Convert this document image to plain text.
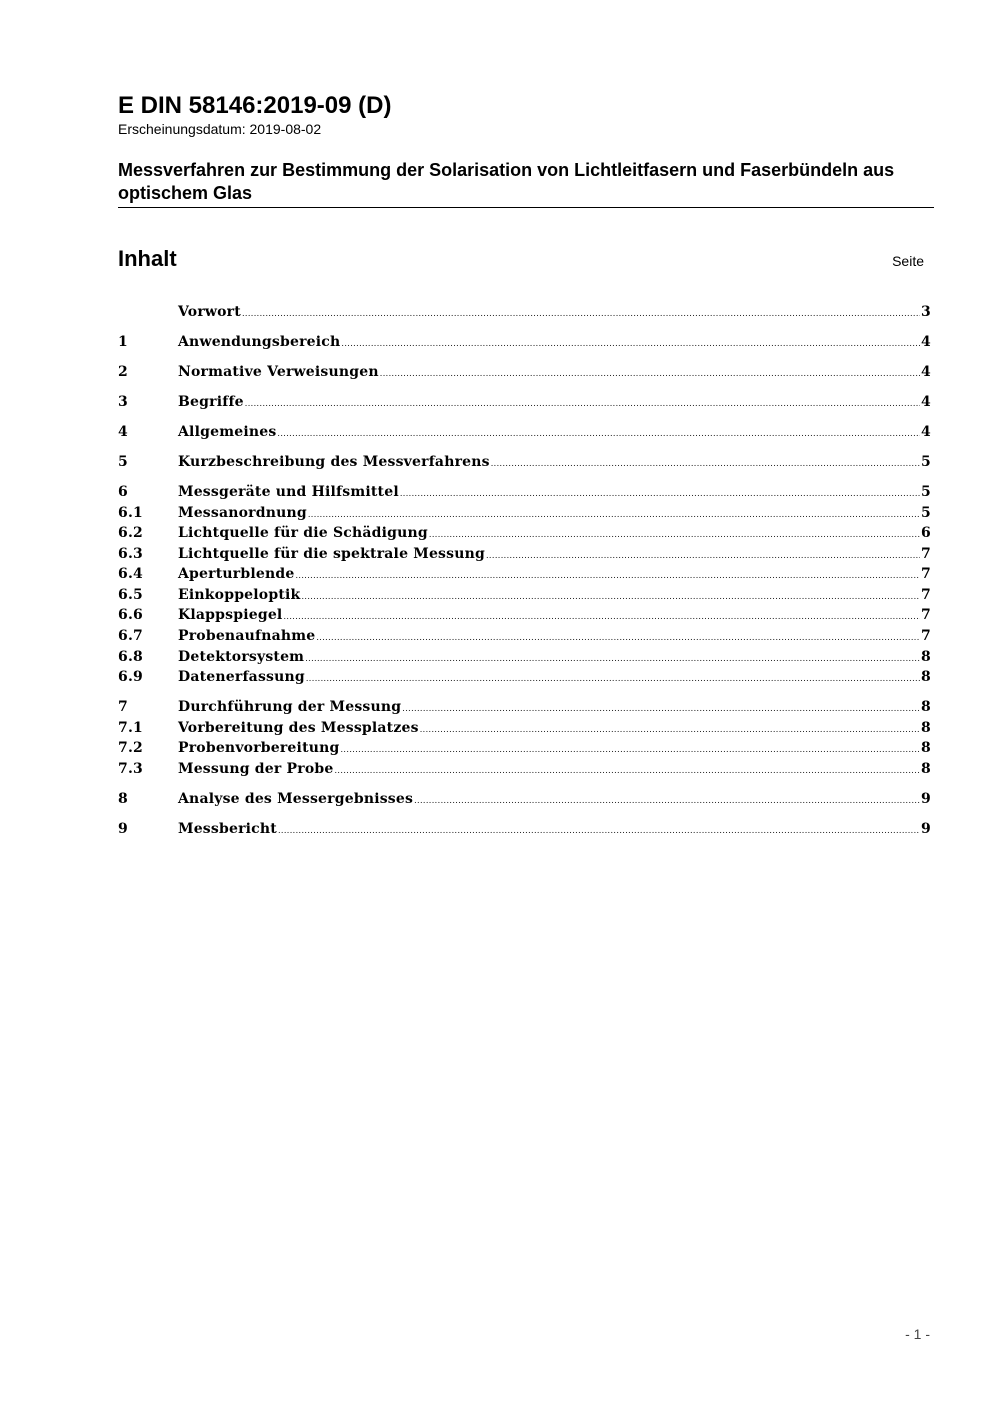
E DIN 58146:2019-09 (D)

Erscheinungsdatum: 2019-08-02

Messverfahren zur Bestimmung der Solarisation von Lichtleitfasern und Faserbündeln aus optischem Glas
Inhalt	Seite
Vorwort .....	3
1	Anwendungsbereich .....	4
2	Normative Verweisungen .....	4
3	Begriffe .....	4
4	Allgemeines .....	4
5	Kurzbeschreibung des Messverfahrens .....	5
6	Messgeräte und Hilfsmittel .....	5
6.1	Messanordnung .....	5
6.2	Lichtquelle für die Schädigung .....	6
6.3	Lichtquelle für die spektrale Messung .....	7
6.4	Aperturblende .....	7
6.5	Einkoppeloptik .....	7
6.6	Klappspiegel .....	7
6.7	Probenaufnahme .....	7
6.8	Detektorsystem .....	8
6.9	Datenerfassung .....	8
7	Durchführung der Messung .....	8
7.1	Vorbereitung des Messplatzes .....	8
7.2	Probenvorbereitung .....	8
7.3	Messung der Probe .....	8
8	Analyse des Messergebnisses .....	9
9	Messbericht .....	9
- 1 -
